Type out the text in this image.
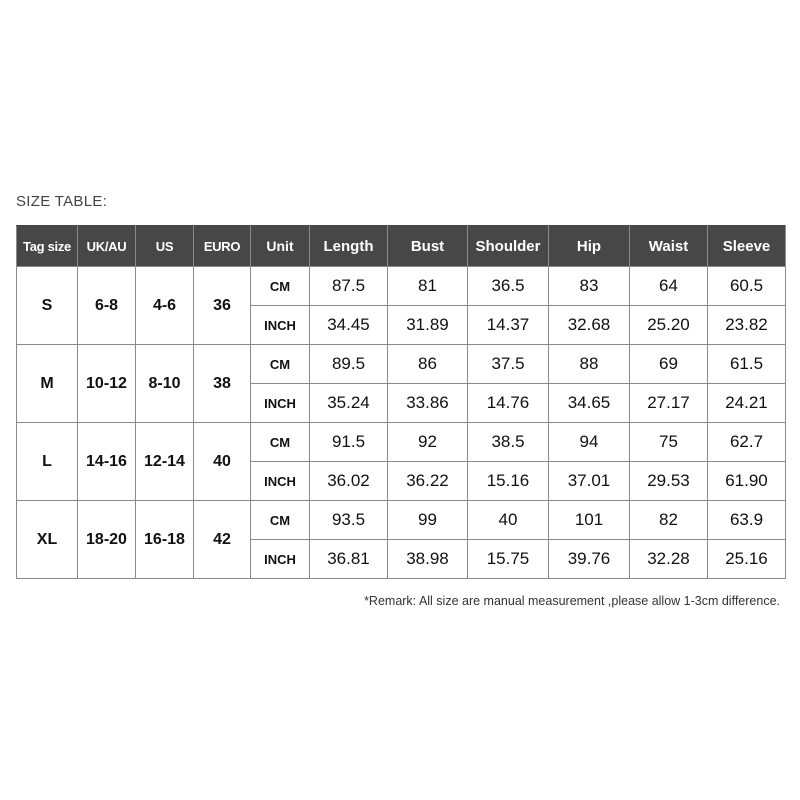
SIZE TABLE:
Tag size	UK/AU	US	EURO	Unit	Length	Bust	Shoulder	Hip	Waist	Sleeve
S	6-8	4-6	36	CM	87.5	81	36.5	83	64	60.5
				INCH	34.45	31.89	14.37	32.68	25.20	23.82
M	10-12	8-10	38	CM	89.5	86	37.5	88	69	61.5
				INCH	35.24	33.86	14.76	34.65	27.17	24.21
L	14-16	12-14	40	CM	91.5	92	38.5	94	75	62.7
				INCH	36.02	36.22	15.16	37.01	29.53	61.90
XL	18-20	16-18	42	CM	93.5	99	40	101	82	63.9
				INCH	36.81	38.98	15.75	39.76	32.28	25.16
*Remark: All size are manual measurement ,please allow 1-3cm difference.
